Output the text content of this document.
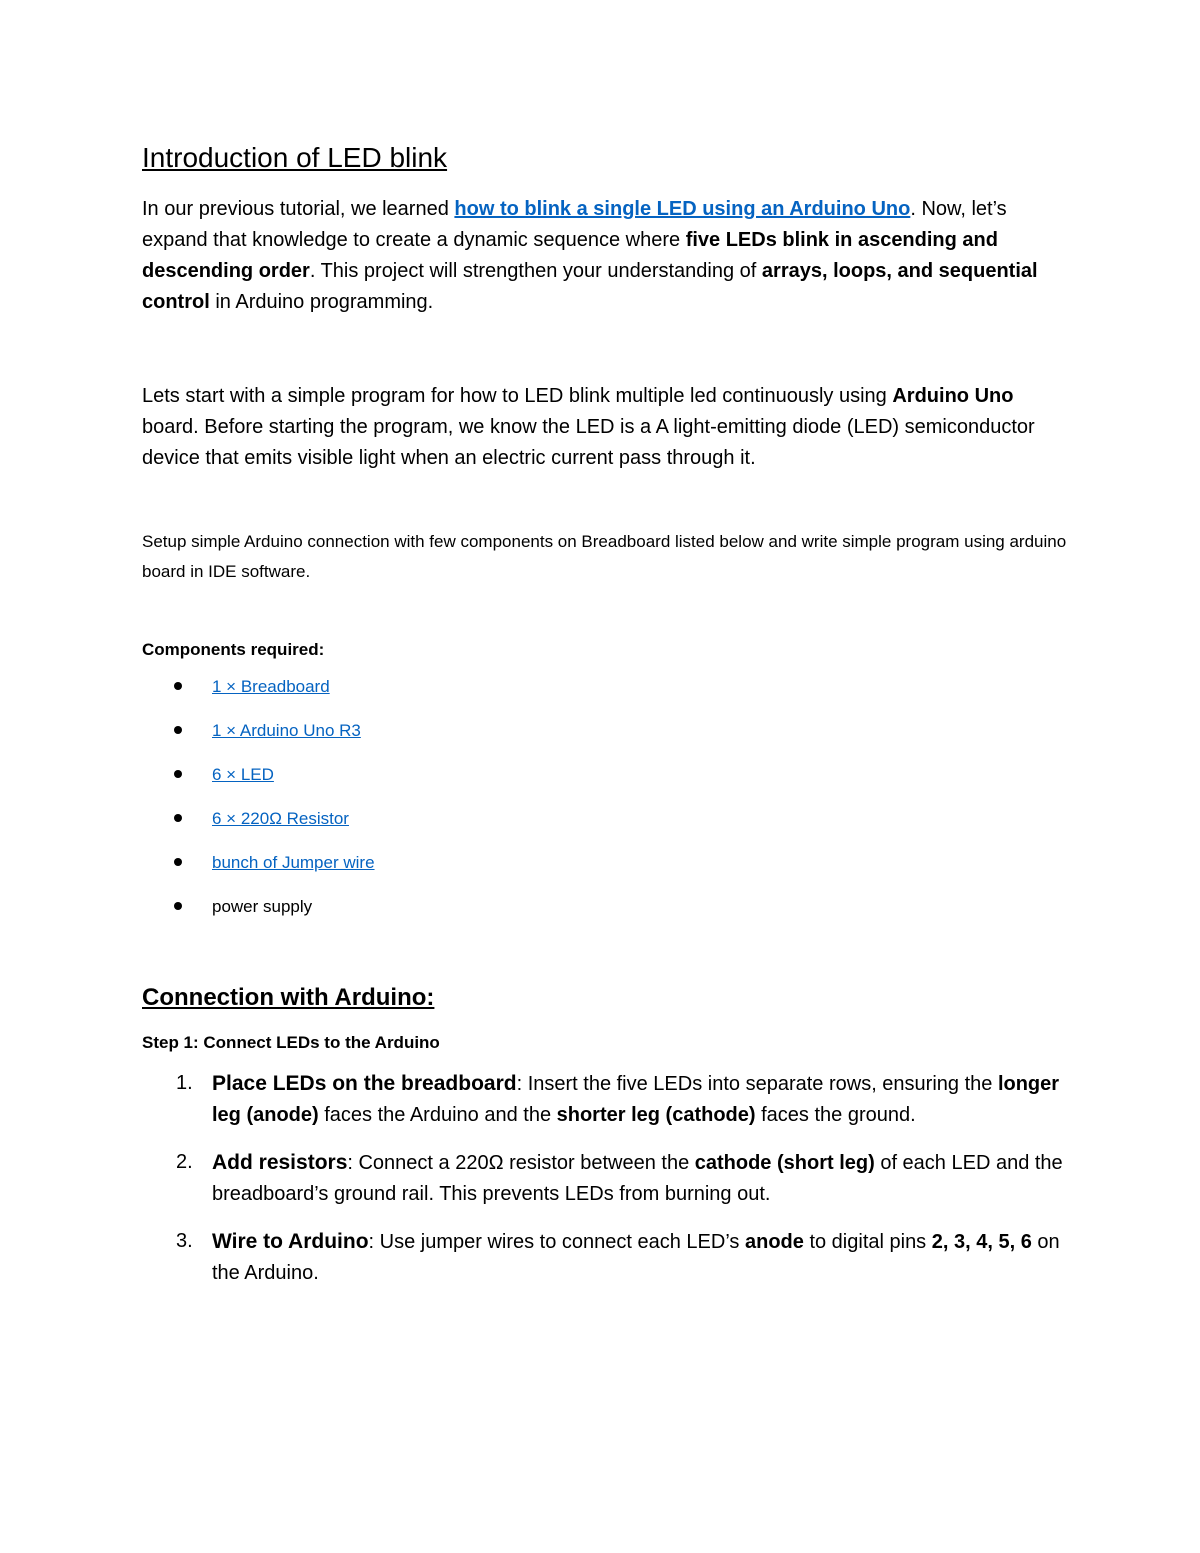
Introduction of LED blink

In our previous tutorial, we learned how to blink a single LED using an Arduino Uno. Now, let’s expand that knowledge to create a dynamic sequence where five LEDs blink in ascending and descending order. This project will strengthen your understanding of arrays, loops, and sequential control in Arduino programming.

Lets start with a simple program for how to LED blink multiple led continuously using Arduino Uno board. Before starting the program, we know the LED is a A light-emitting diode (LED) semiconductor device that emits visible light when an electric current pass through it.

Setup simple Arduino connection with few components on Breadboard listed below and write simple program using arduino board in IDE software.

Components required:
1 × Breadboard
1 × Arduino Uno R3
6 × LED
6 × 220Ω Resistor
bunch of Jumper wire
power supply
Connection with Arduino:
Step 1: Connect LEDs to the Arduino
1. Place LEDs on the breadboard: Insert the five LEDs into separate rows, ensuring the longer leg (anode) faces the Arduino and the shorter leg (cathode) faces the ground.
2. Add resistors: Connect a 220Ω resistor between the cathode (short leg) of each LED and the breadboard’s ground rail. This prevents LEDs from burning out.
3. Wire to Arduino: Use jumper wires to connect each LED’s anode to digital pins 2, 3, 4, 5, 6 on the Arduino.
